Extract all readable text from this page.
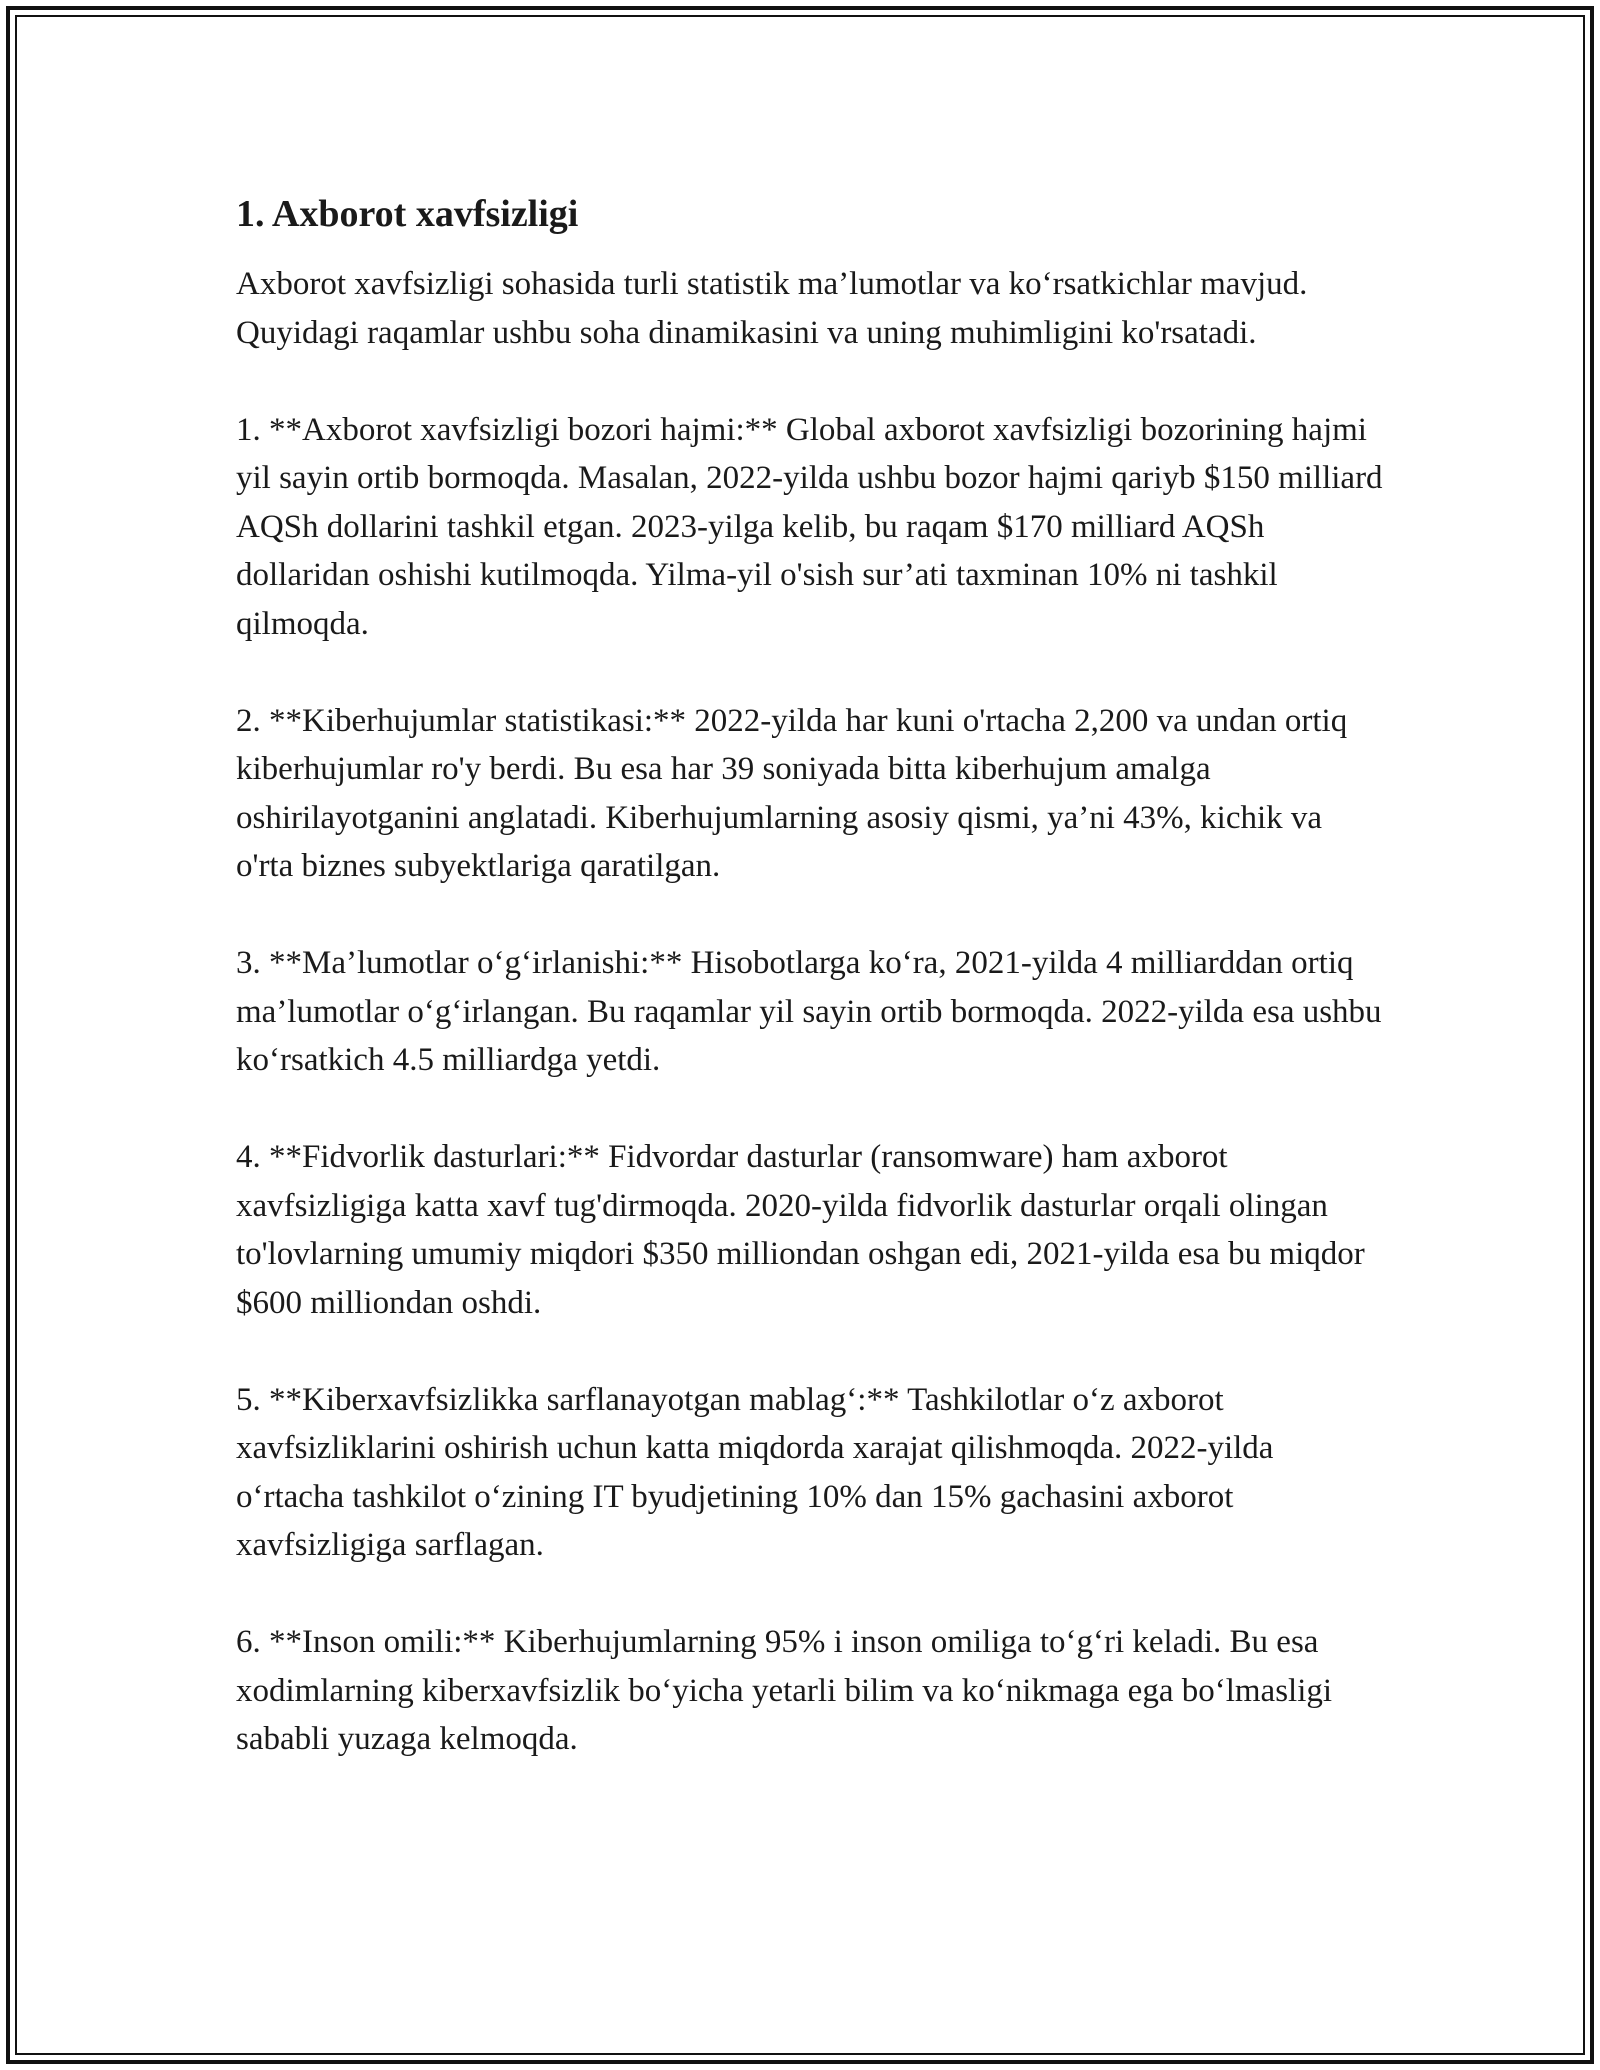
1. Axborot xavfsizligi

Axborot xavfsizligi sohasida turli statistik ma’lumotlar va ko‘rsatkichlar mavjud. Quyidagi raqamlar ushbu soha dinamikasini va uning muhimligini ko'rsatadi.

1. **Axborot xavfsizligi bozori hajmi:** Global axborot xavfsizligi bozorining hajmi yil sayin ortib bormoqda. Masalan, 2022-yilda ushbu bozor hajmi qariyb $150 milliard AQSh dollarini tashkil etgan. 2023-yilga kelib, bu raqam $170 milliard AQSh dollaridan oshishi kutilmoqda. Yilma-yil o'sish sur’ati taxminan 10% ni tashkil qilmoqda.

2. **Kiberhujumlar statistikasi:** 2022-yilda har kuni o'rtacha 2,200 va undan ortiq kiberhujumlar ro'y berdi. Bu esa har 39 soniyada bitta kiberhujum amalga oshirilayotganini anglatadi. Kiberhujumlarning asosiy qismi, ya’ni 43%, kichik va o'rta biznes subyektlariga qaratilgan.

3. **Ma’lumotlar o‘g‘irlanishi:** Hisobotlarga ko‘ra, 2021-yilda 4 milliarddan ortiq ma’lumotlar o‘g‘irlangan. Bu raqamlar yil sayin ortib bormoqda. 2022-yilda esa ushbu ko‘rsatkich 4.5 milliardga yetdi.

4. **Fidvorlik dasturlari:** Fidvordar dasturlar (ransomware) ham axborot xavfsizligiga katta xavf tug'dirmoqda. 2020-yilda fidvorlik dasturlar orqali olingan to'lovlarning umumiy miqdori $350 milliondan oshgan edi, 2021-yilda esa bu miqdor $600 milliondan oshdi.

5. **Kiberxavfsizlikka sarflanayotgan mablag‘:** Tashkilotlar o‘z axborot xavfsizliklarini oshirish uchun katta miqdorda xarajat qilishmoqda. 2022-yilda o‘rtacha tashkilot o‘zining IT byudjetining 10% dan 15% gachasini axborot xavfsizligiga sarflagan.

6. **Inson omili:** Kiberhujumlarning 95% i inson omiliga to‘g‘ri keladi. Bu esa xodimlarning kiberxavfsizlik bo‘yicha yetarli bilim va ko‘nikmaga ega bo‘lmasligi sababli yuzaga kelmoqda.
